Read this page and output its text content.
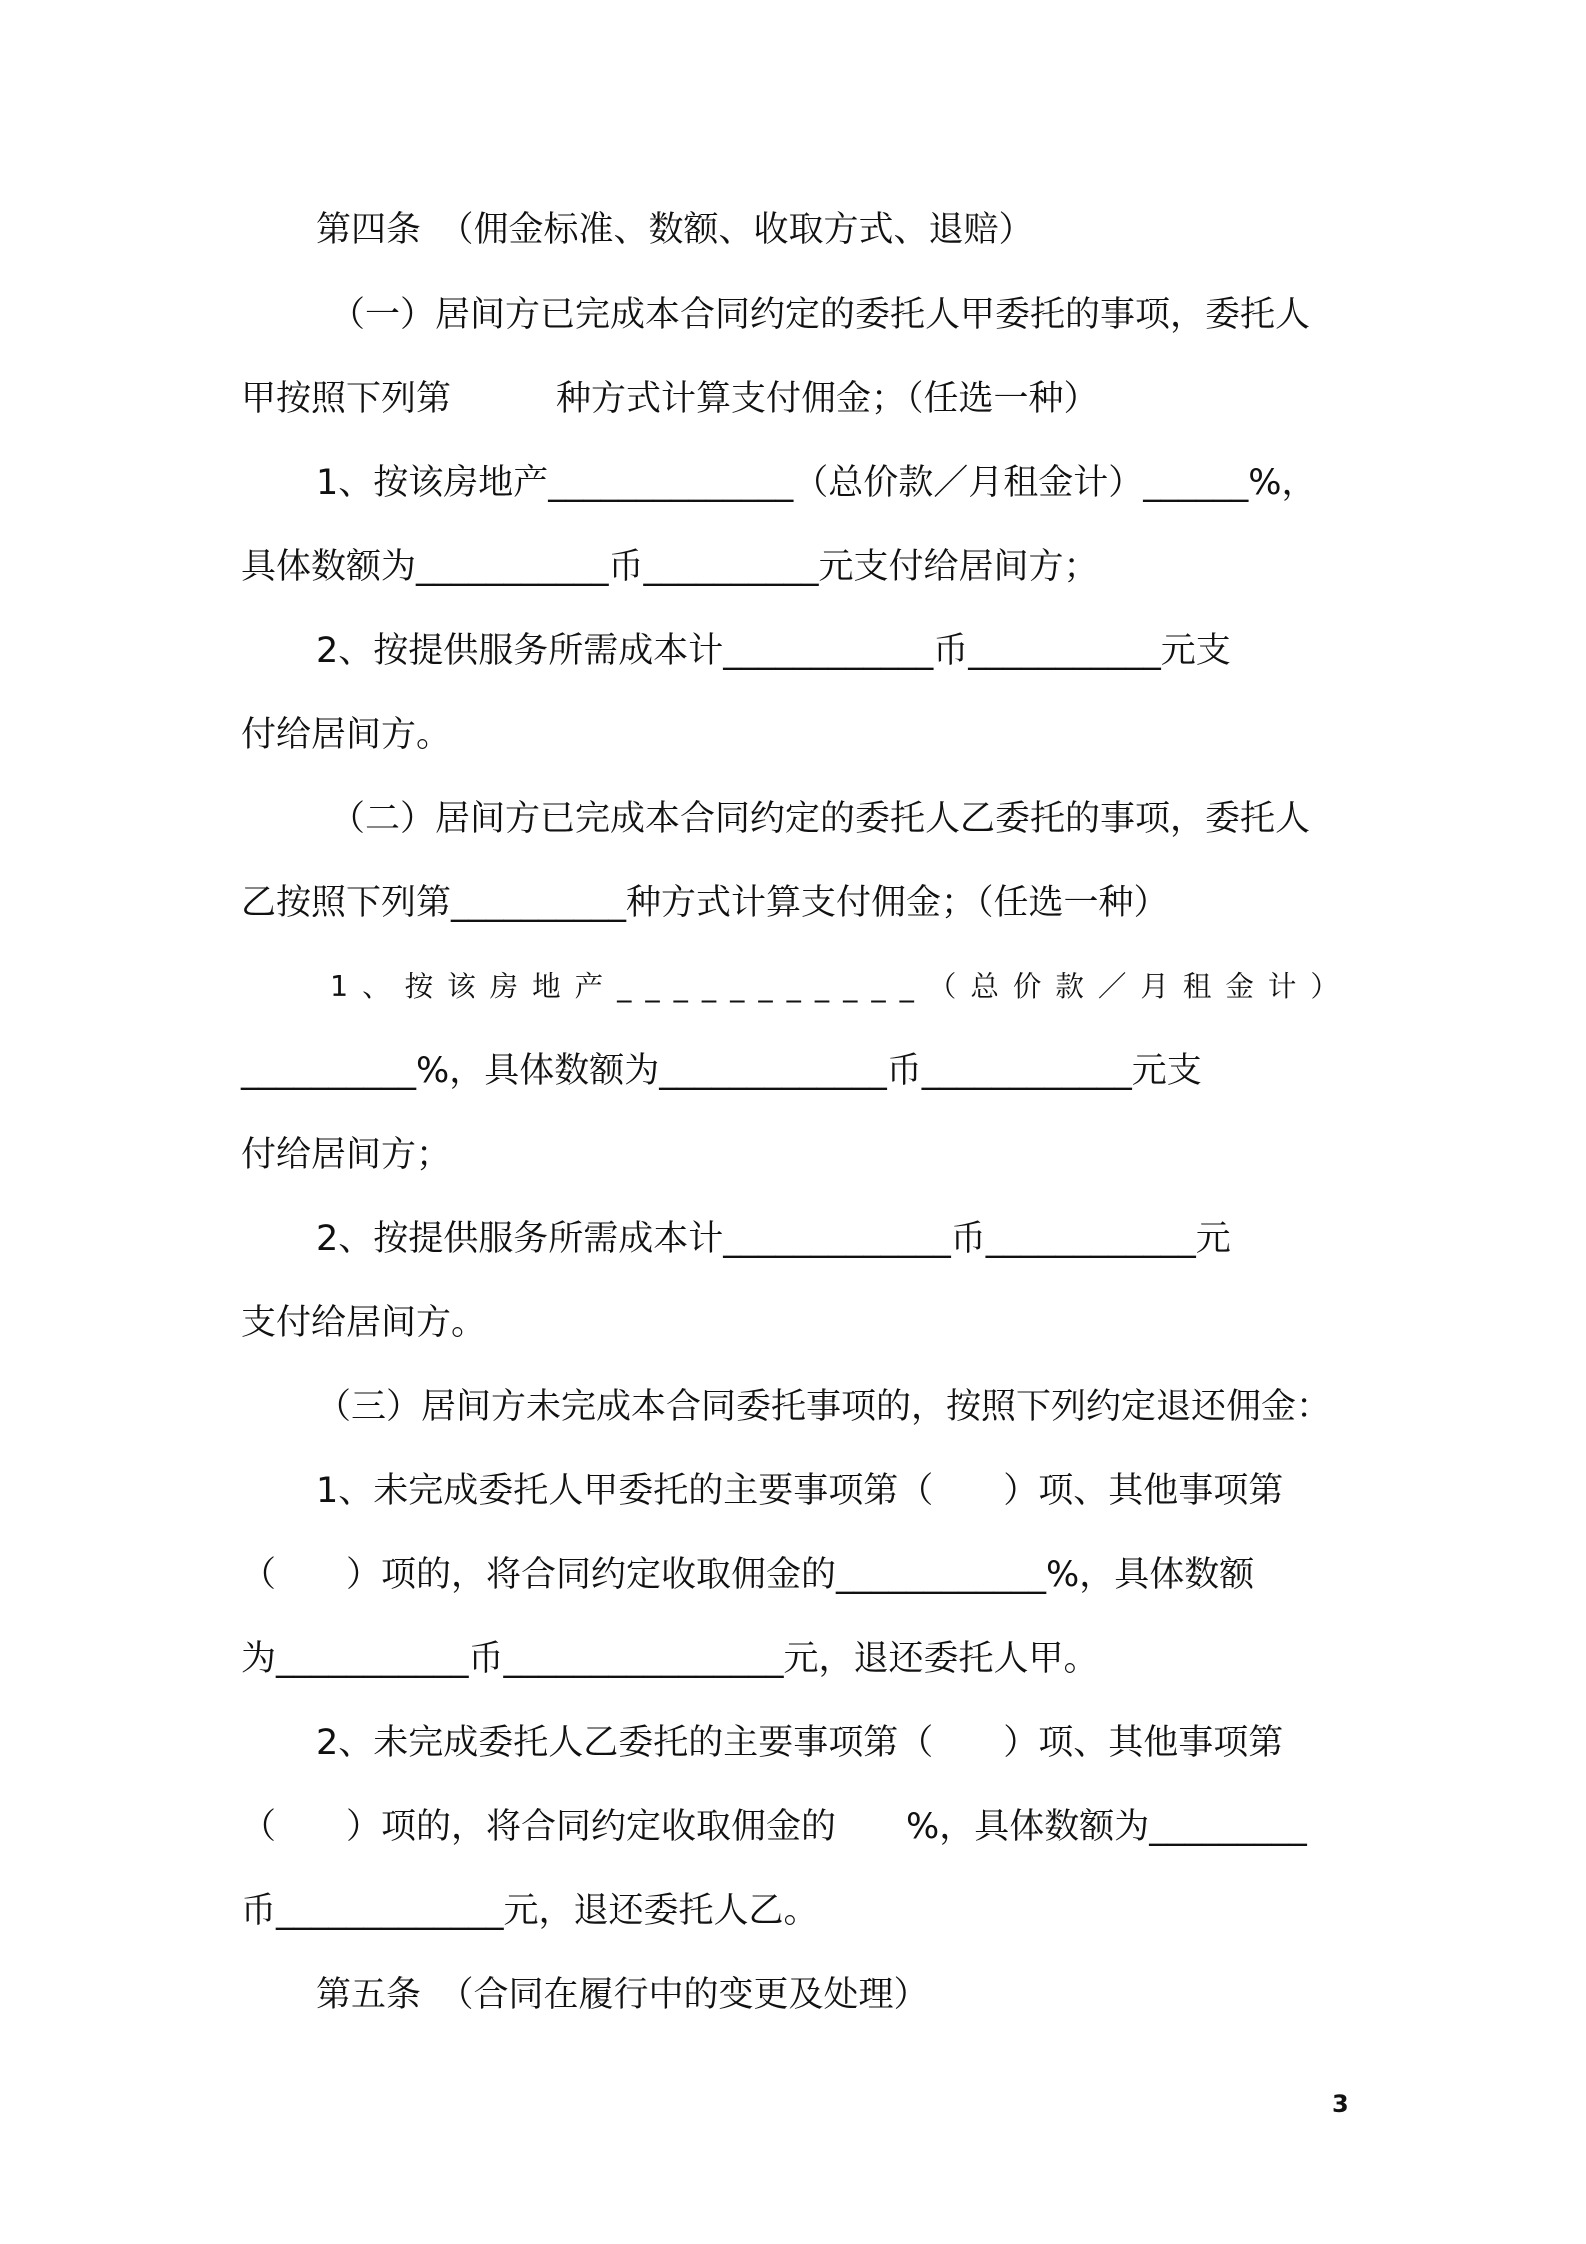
第四条　（佣金标准、数额、收取方式、退赔）
（一）居间方已完成本合同约定的委托人甲委托的事项，委托人
甲按照下列第　　　种方式计算支付佣金；（任选一种）
1、按该房地产______________（总价款／月租金计）______%，
具体数额为___________币__________元支付给居间方；
2、按提供服务所需成本计____________币___________元支
付给居间方。
（二）居间方已完成本合同约定的委托人乙委托的事项，委托人
乙按照下列第__________种方式计算支付佣金；（任选一种）
1、按该房地产___________（总价款／月租金计）
__________%，具体数额为_____________币____________元支
付给居间方；
2、按提供服务所需成本计_____________币____________元
支付给居间方。
（三）居间方未完成本合同委托事项的，按照下列约定退还佣金：
1、未完成委托人甲委托的主要事项第（　　）项、其他事项第
（　　）项的，将合同约定收取佣金的____________%，具体数额
为___________币________________元，退还委托人甲。
2、未完成委托人乙委托的主要事项第（　　）项、其他事项第
（　　）项的，将合同约定收取佣金的　　%，具体数额为_________
币_____________元，退还委托人乙。
第五条　（合同在履行中的变更及处理）
3
